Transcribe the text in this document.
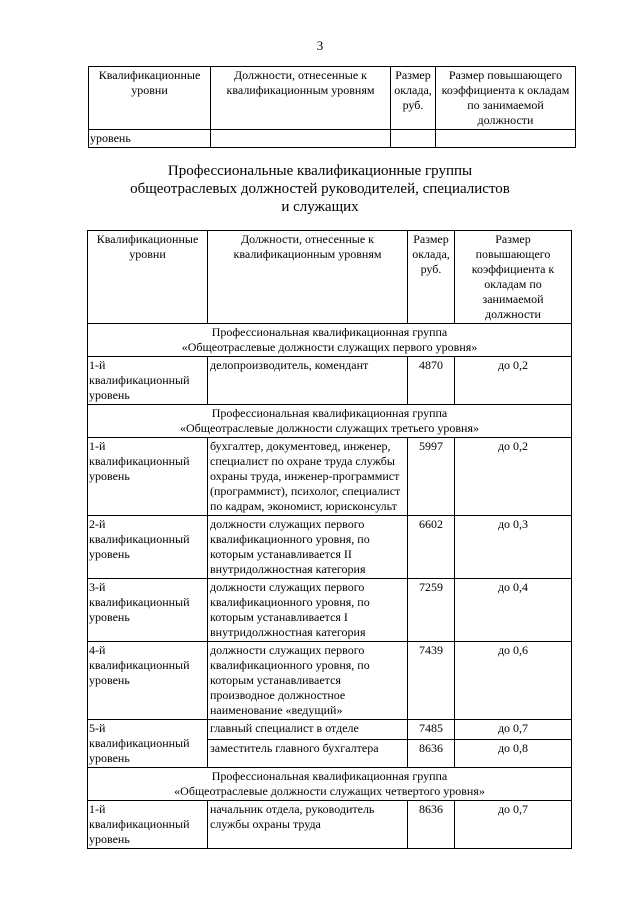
3
Квалификационные уровни	Должности, отнесенные к квалификационным уровням	Размер оклада, руб.	Размер повышающего коэффициента к окладам по занимаемой должности
уровень			
Профессиональные квалификационные группы
общеотраслевых должностей руководителей, специалистов
и служащих
Квалификационные уровни	Должности, отнесенные к квалификационным уровням	Размер оклада, руб.	Размер повышающего коэффициента к окладам по занимаемой должности

Профессиональная квалификационная группа
«Общеотраслевые должности служащих первого уровня»			

1-й квалификационный уровень	делопроизводитель, комендант	4870	до 0,2

Профессиональная квалификационная группа
«Общеотраслевые должности служащих третьего уровня»			

1-й квалификационный уровень	бухгалтер, документовед, инженер, специалист по охране труда службы охраны труда, инженер-программист (программист), психолог, специалист по кадрам, экономист, юрисконсульт	5997	до 0,2
2-й квалификационный уровень	должности служащих первого квалификационного уровня, по которым устанавливается II внутридолжностная категория	6602	до 0,3
3-й квалификационный уровень	должности служащих первого квалификационного уровня, по которым устанавливается I внутридолжностная категория	7259	до 0,4
4-й квалификационный уровень	должности служащих первого квалификационного уровня, по которым устанавливается производное должностное наименование «ведущий»	7439	до 0,6
5-й квалификационный уровень	главный специалист в отделе	7485	до 0,7
	заместитель главного бухгалтера	8636	до 0,8

Профессиональная квалификационная группа
«Общеотраслевые должности служащих четвертого уровня»			

1-й квалификационный уровень	начальник отдела, руководитель службы охраны труда	8636	до 0,7
